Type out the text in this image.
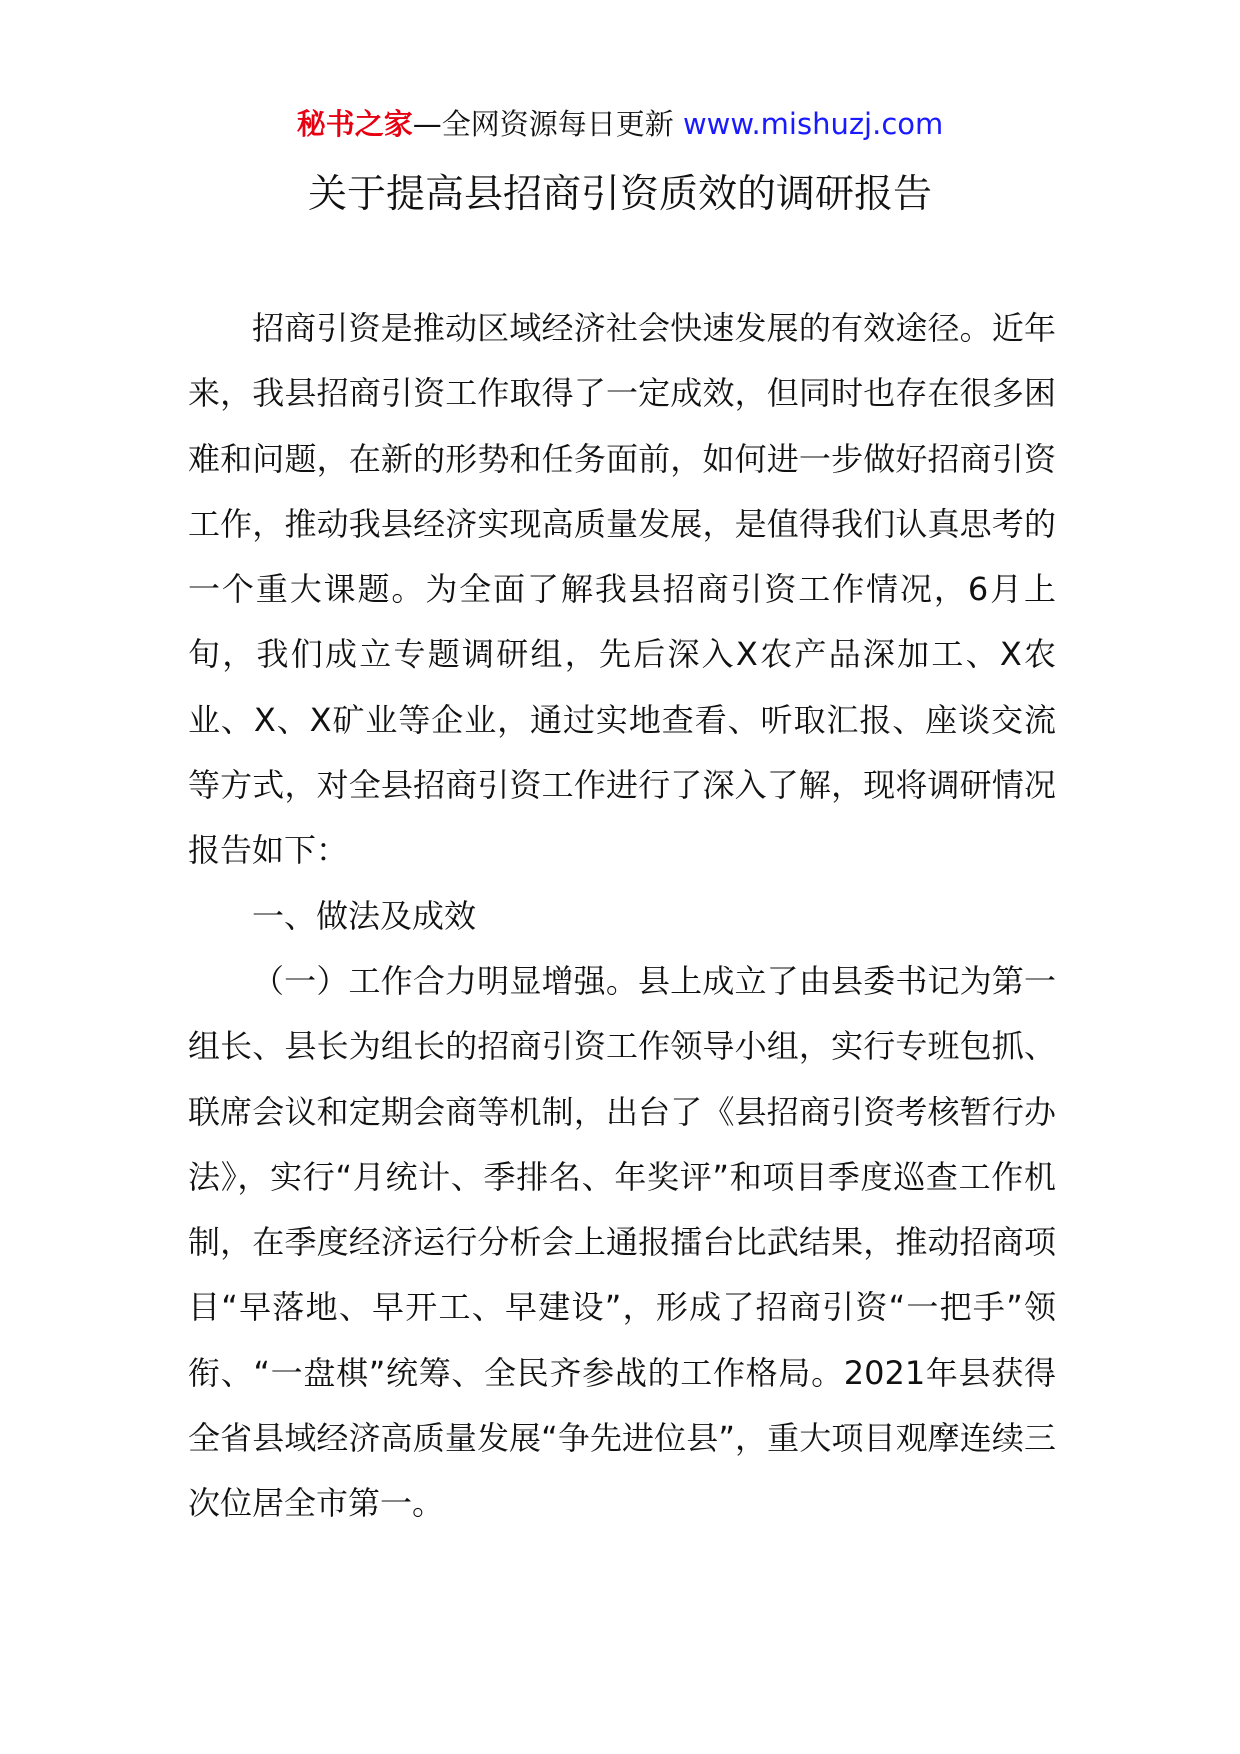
秘书之家—全网资源每日更新 www.mishuzj.com
关于提高县招商引资质效的调研报告

招商引资是推动区域经济社会快速发展的有效途径。近年来，我县招商引资工作取得了一定成效，但同时也存在很多困难和问题，在新的形势和任务面前，如何进一步做好招商引资工作，推动我县经济实现高质量发展，是值得我们认真思考的一个重大课题。为全面了解我县招商引资工作情况，6月上旬，我们成立专题调研组，先后深入X农产品深加工、X农业、X、X矿业等企业，通过实地查看、听取汇报、座谈交流等方式，对全县招商引资工作进行了深入了解，现将调研情况报告如下：

一、做法及成效

（一）工作合力明显增强。县上成立了由县委书记为第一组长、县长为组长的招商引资工作领导小组，实行专班包抓、联席会议和定期会商等机制，出台了《县招商引资考核暂行办法》，实行“月统计、季排名、年奖评”和项目季度巡查工作机制，在季度经济运行分析会上通报擂台比武结果，推动招商项目“早落地、早开工、早建设”，形成了招商引资“一把手”领衔、“一盘棋”统筹、全民齐参战的工作格局。2021年县获得全省县域经济高质量发展“争先进位县”，重大项目观摩连续三次位居全市第一。
